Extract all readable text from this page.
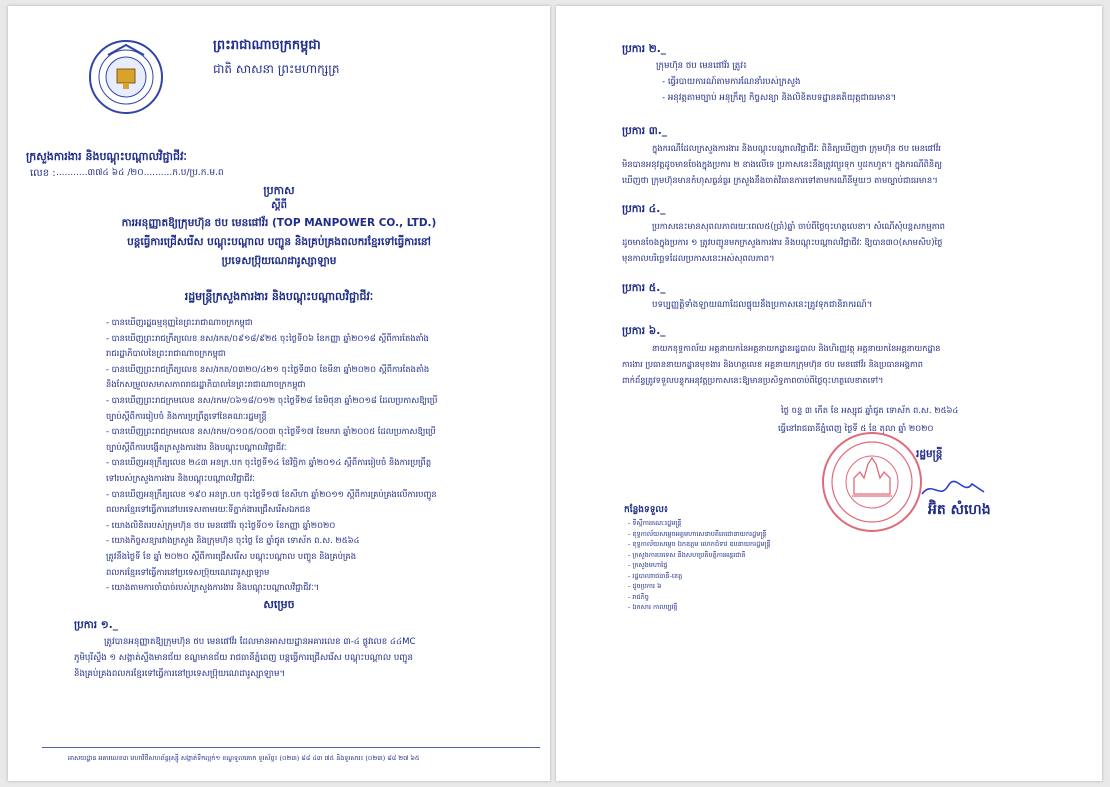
ព្រះរាជាណាចក្រកម្ពុជា
ជាតិ សាសនា ព្រះមហាក្សត្រ
ក្រសួងការងារ និងបណ្តុះបណ្តាលវិជ្ជាជីវៈ
លេខ : ...........៣៧៤ ៦៤ /២០..........ក.ប/ប្រ.ក.ម.ព
ប្រកាស
ស្តីពី
ការអនុញ្ញាតឱ្យក្រុមហ៊ុន ថប មេនផៅវ័រ (TOP MANPOWER CO., LTD.)
បន្តធ្វើការជ្រើសរើស បណ្តុះបណ្តាល បញ្ជូន និងគ្រប់គ្រងពលករខ្មែរទៅធ្វើការនៅ
ប្រទេសប្រ៊ុយណេដារូស្សាឡាម
រដ្ឋមន្ត្រីក្រសួងការងារ និងបណ្តុះបណ្តាលវិជ្ជាជីវៈ
- បានឃើញរដ្ឋធម្មនុញ្ញនៃព្រះរាជាណាចក្រកម្ពុជា
- បានឃើញព្រះរាជក្រឹត្យលេខ នស/រកត/០៩១៨/៩២៥ ចុះថ្ងៃទី០៦ ខែកញ្ញា ឆ្នាំ២០១៨ ស្តីពីការតែងតាំង
រាជរដ្ឋាភិបាលនៃព្រះរាជាណាចក្រកម្ពុជា
- បានឃើញព្រះរាជក្រឹត្យលេខ នស/រកត/០៣២០/៤២១ ចុះថ្ងៃទី៣០ ខែមីនា ឆ្នាំ២០២០ ស្តីពីការតែងតាំង
និងកែសម្រួលសមាសភាពរាជរដ្ឋាភិបាលនៃព្រះរាជាណាចក្រកម្ពុជា
- បានឃើញព្រះរាជក្រមលេខ នស/រកម/០៦១៨/០១២ ចុះថ្ងៃទី២៨ ខែមិថុនា ឆ្នាំ២០១៨ ដែលប្រកាសឱ្យប្រើ
ច្បាប់ស្តីពីការរៀបចំ និងការប្រព្រឹត្តទៅនៃគណៈរដ្ឋមន្ត្រី
- បានឃើញព្រះរាជក្រមលេខ នស/រកម/០១០៥/០០៣ ចុះថ្ងៃទី១៧ ខែមករា ឆ្នាំ២០០៥ ដែលប្រកាសឱ្យប្រើ
ច្បាប់ស្តីពីការបង្កើតក្រសួងការងារ និងបណ្តុះបណ្តាលវិជ្ជាជីវៈ
- បានឃើញអនុក្រឹត្យលេខ ២៤៣ អនក្រ.បក ចុះថ្ងៃទី១៤ ខែវិច្ឆិកា ឆ្នាំ២០១៤ ស្តីពីការរៀបចំ និងការប្រព្រឹត្ត
ទៅរបស់ក្រសួងការងារ និងបណ្តុះបណ្តាលវិជ្ជាជីវៈ
- បានឃើញអនុក្រឹត្យលេខ ១៩០ អនក្រ.បក ចុះថ្ងៃទី១៧ ខែសីហា ឆ្នាំ២០១១ ស្តីពីការគ្រប់គ្រងលើការបញ្ជូន
ពលករខ្មែរទៅធ្វើការនៅបរទេសតាមរយៈទីភ្នាក់ងារជ្រើសរើសឯកជន
- យោងលិខិតរបស់ក្រុមហ៊ុន ថប មេនផៅវ័រ ចុះថ្ងៃទី០១ ខែកញ្ញា ឆ្នាំ២០២០
- យោងកិច្ចសន្យារវាងក្រសួង និងក្រុមហ៊ុន ចុះថ្ងៃ ខែ ឆ្នាំជូត ទោស័ក ព.ស. ២៥៦៤
ត្រូវនឹងថ្ងៃទី ខែ ឆ្នាំ ២០២០ ស្តីពីការជ្រើសរើស បណ្តុះបណ្តាល បញ្ជូន និងគ្រប់គ្រង
ពលករខ្មែរទៅធ្វើការនៅប្រទេសប្រ៊ុយណេដារូស្សាឡាម
- យោងតាមការចាំបាច់របស់ក្រសួងការងារ និងបណ្តុះបណ្តាលវិជ្ជាជីវៈ។
សម្រេច
ប្រការ ១._
ត្រូវបានអនុញ្ញាតឱ្យក្រុមហ៊ុន ថប មេនផៅវ័រ ដែលមានអាសយដ្ឋានអគារលេខ ៣-៤ ផ្លូវលេខ ៤៤MC
ភូមិបុរីស្ទឹង ១ សង្កាត់ស្ទឹងមានជ័យ ខណ្ឌមានជ័យ រាជធានីភ្នំពេញ បន្តធ្វើការជ្រើសរើស បណ្តុះបណ្តាល បញ្ជូន
និងគ្រប់គ្រងពលករខ្មែរទៅធ្វើការនៅប្រទេសប្រ៊ុយណេដារូស្សាឡាម។
អាសយដ្ឋាន អគារលេខ៣ មហាវិថីសហព័ន្ធរុស្ស៊ី សង្កាត់ទឹកល្អក់១ ខណ្ឌទួលគោក ទូរស័ព្ទ៖ (០២៣) ៨៨ ៤៣ ៧៥ និងទូរសារ៖ (០២៣) ៨៨ ២៧ ៦៥
ប្រការ ២._
ក្រុមហ៊ុន ថប មេនផៅវ័រ ត្រូវ៖
- ធ្វើរបាយការណ៍តាមការណែនាំរបស់ក្រសួង
- អនុវត្តតាមច្បាប់ អនុក្រឹត្យ កិច្ចសន្យា និងលិខិតបទដ្ឋានគតិយុត្តជាធរមាន។
ប្រការ ៣._
ក្នុងករណីដែលក្រសួងការងារ និងបណ្តុះបណ្តាលវិជ្ជាជីវៈ ពិនិត្យឃើញថា ក្រុមហ៊ុន ថប មេនផៅវ័រ
មិនបានអនុវត្តដូចមានចែងក្នុងប្រការ ២ ខាងលើទេ ប្រកាសនេះនឹងត្រូវព្យួរទុក ឬដកហូត។ ក្នុងករណីពិនិត្យ
ឃើញថា ក្រុមហ៊ុនមានកំហុសធ្ងន់ធ្ងរ ក្រសួងនឹងចាត់វិធានការទៅតាមករណីនីមួយៗ តាមច្បាប់ជាធរមាន។
ប្រការ ៤._
ប្រកាសនេះមានសុពលភាពរយៈពេល៥(ប្រាំ)ឆ្នាំ ចាប់ពីថ្ងៃចុះហត្ថលេខា។ សំណើសុំបន្តសកម្មភាព
ដូចមានចែងក្នុងប្រការ ១ ត្រូវបញ្ជូនមកក្រសួងការងារ និងបណ្តុះបណ្តាលវិជ្ជាជីវៈ ឱ្យបាន៣០(សាមសិប)ថ្ងៃ
មុនកាលបរិច្ឆេទដែលប្រកាសនេះអស់សុពលភាព។
ប្រការ ៥._
បទប្បញ្ញត្តិទាំងឡាយណាដែលផ្ទុយនឹងប្រកាសនេះត្រូវទុកជានិរាករណ៍។
ប្រការ ៦._
នាយកខុទ្ទកាល័យ អគ្គនាយកនៃអគ្គនាយកដ្ឋានរដ្ឋបាល និងហិរញ្ញវត្ថុ អគ្គនាយកនៃអគ្គនាយកដ្ឋាន
ការងារ ប្រធាននាយកដ្ឋានមុខងារ និងហត្ថលេខ អគ្គនាយកក្រុមហ៊ុន ថប មេនផៅវ័រ និងប្រធានអង្គភាព
ពាក់ព័ន្ធត្រូវទទួលបន្ទុកអនុវត្តប្រកាសនេះឱ្យមានប្រសិទ្ធភាពចាប់ពីថ្ងៃចុះហត្ថលេខាតទៅ។
ថ្ងៃ ចន្ទ ៣ កើត ខែ អស្សុជ ឆ្នាំជូត ទោស័ក ព.ស. ២៥៦៤
ធ្វើនៅរាជធានីភ្នំពេញ ថ្ងៃទី ៥ ខែ តុលា ឆ្នាំ ២០២០
រដ្ឋមន្ត្រី
អ៊ិត សំហេង
កន្លែងទទួល៖
- ទីស្តីការគណៈរដ្ឋមន្ត្រី
- ខុទ្ទកាល័យសម្តេចអគ្គមហាសេនាបតីតេជោនាយករដ្ឋមន្ត្រី
- ខុទ្ទកាល័យសម្តេច ឯកឧត្តម លោកជំទាវ ឧបនាយករដ្ឋមន្ត្រី
- ក្រសួងការបរទេស និងសហប្រតិបត្តិការអន្តរជាតិ
- ក្រសួងមហាផ្ទៃ
- រដ្ឋបាលរាជធានី-ខេត្ត
- ដូចប្រការ ៦
- រាជកិច្ច
- ឯកសារ កាលប្បវត្តិ
